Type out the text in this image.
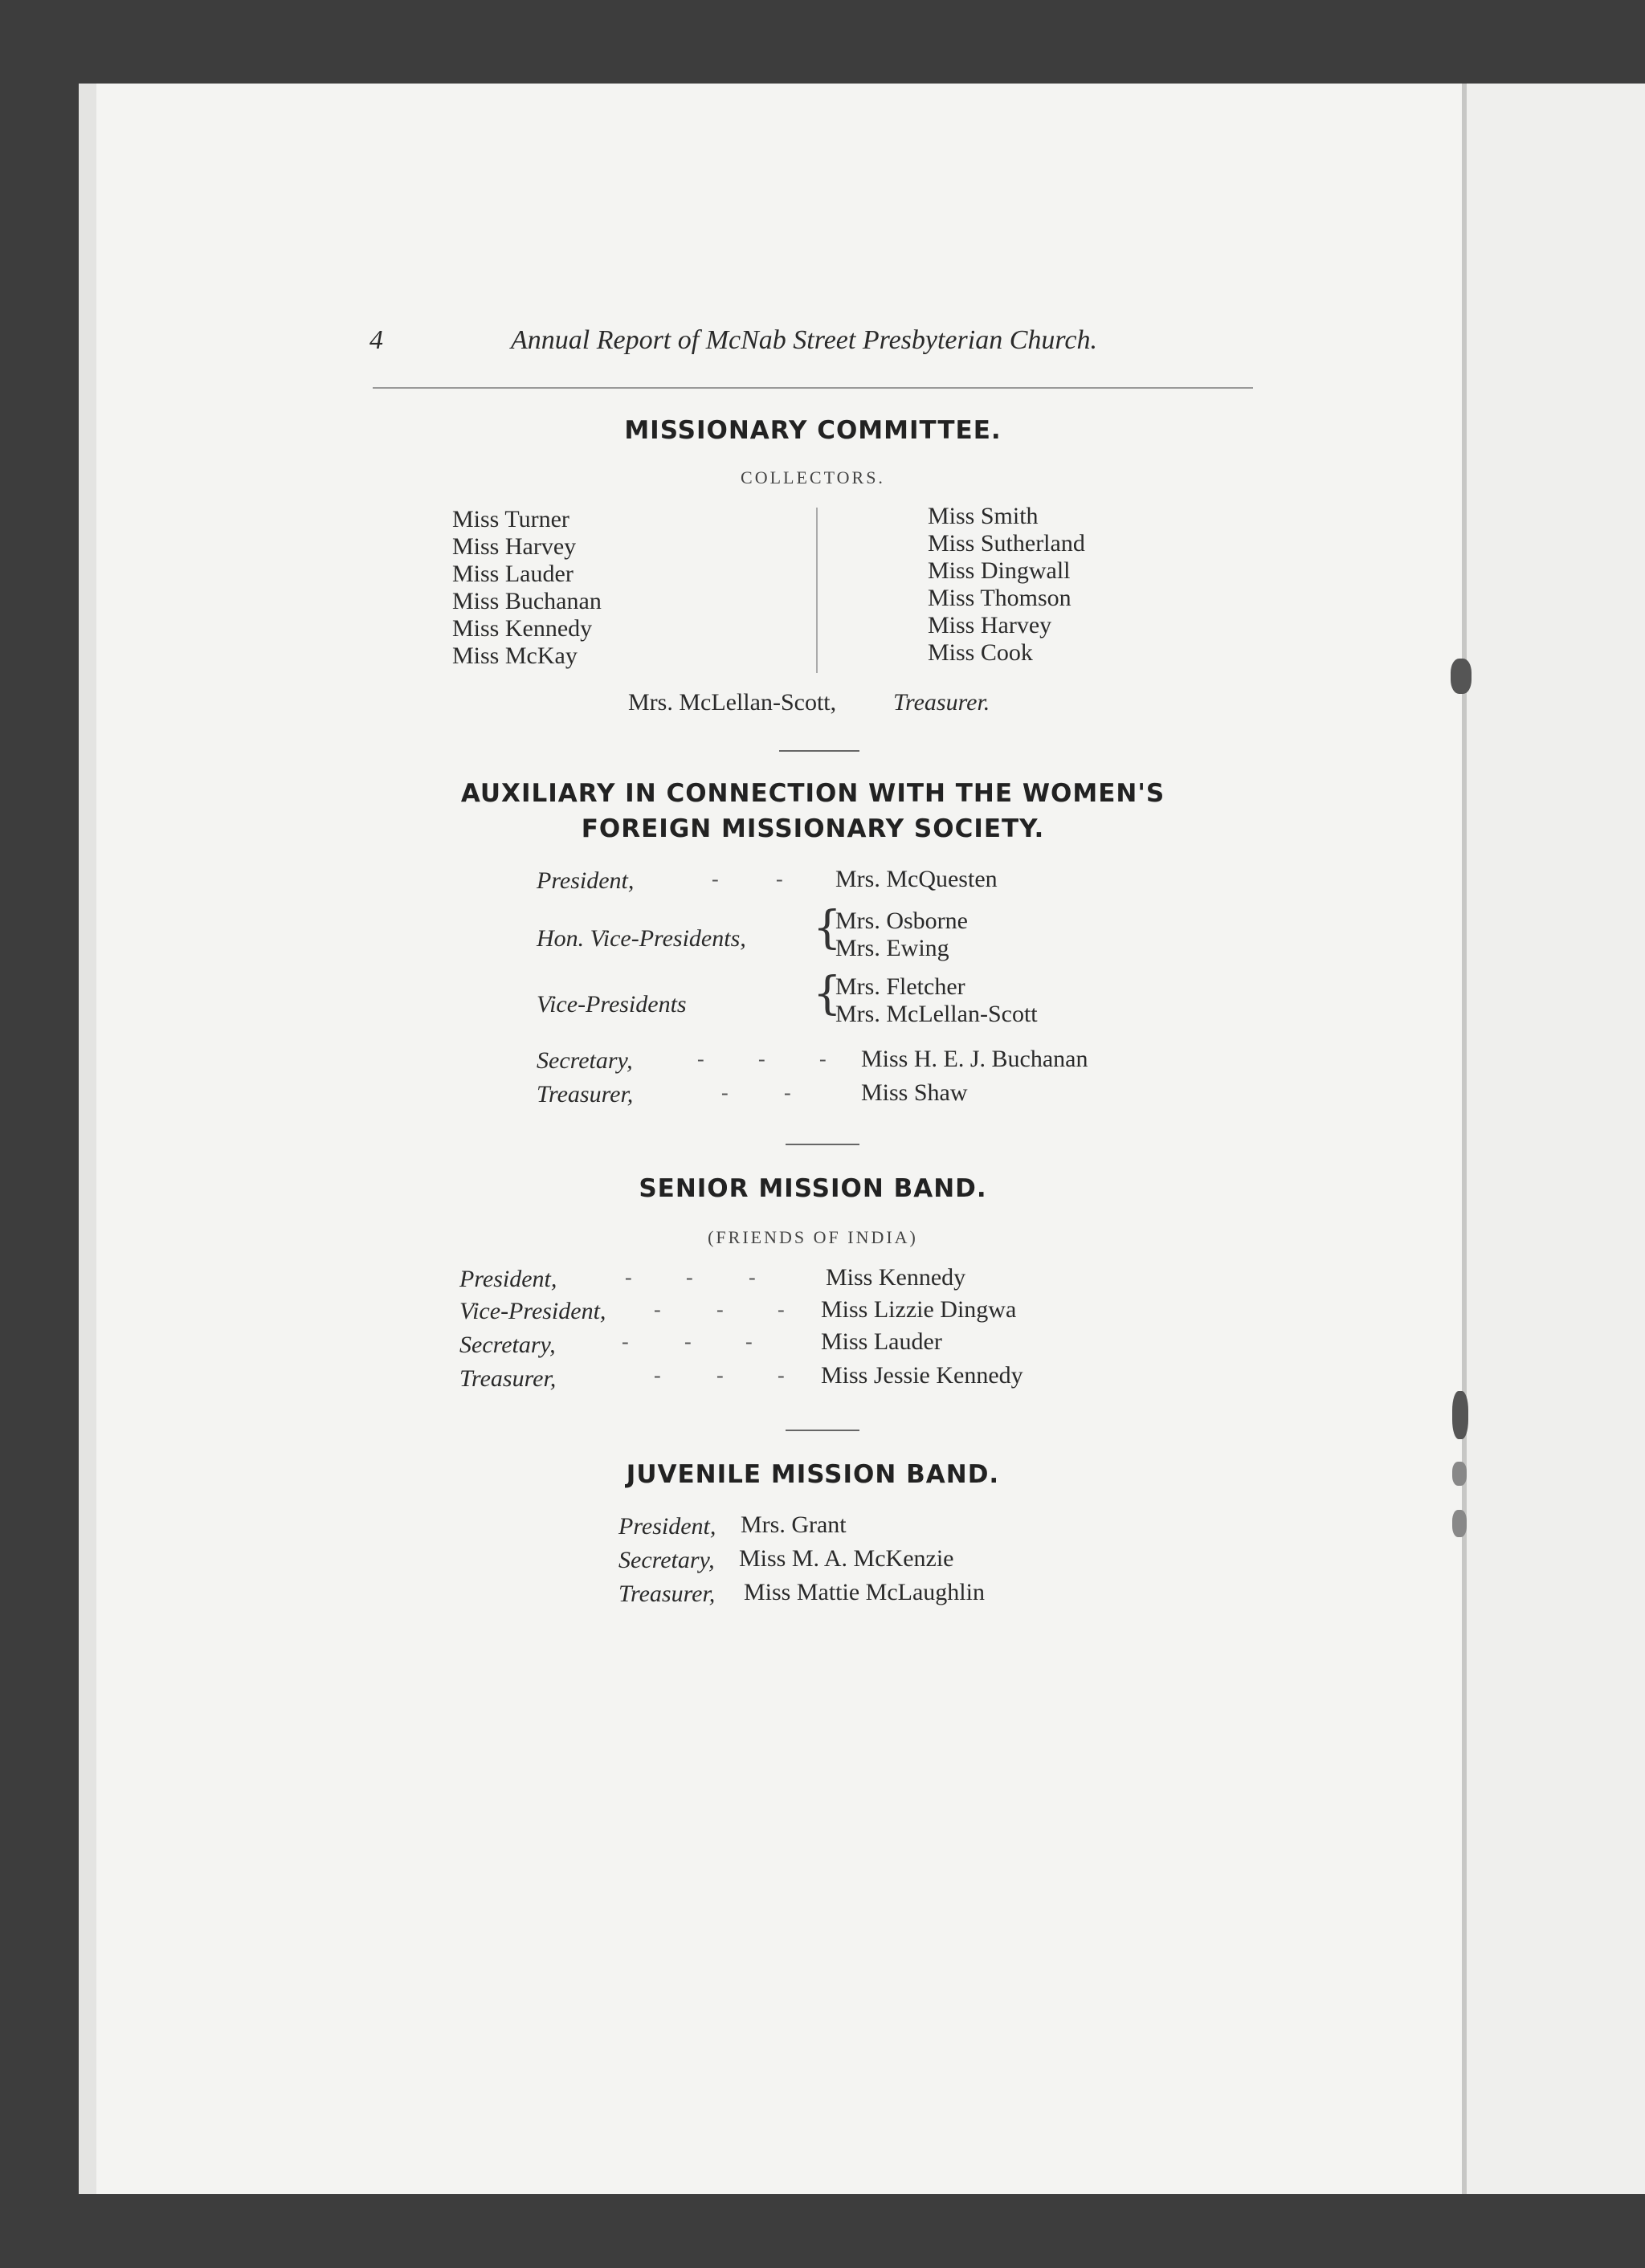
4	Annual Report of McNab Street Presbyterian Church.
MISSIONARY COMMITTEE.
COLLECTORS.
Miss Turner
Miss Harvey
Miss Lauder
Miss Buchanan
Miss Kennedy
Miss McKay
Miss Smith
Miss Sutherland
Miss Dingwall
Miss Thomson
Miss Harvey
Miss Cook
Mrs. McLellan-Scott, Treasurer.
AUXILIARY IN CONNECTION WITH THE WOMEN'S
FOREIGN MISSIONARY SOCIETY.
President,	-	- Mrs. McQuesten
Hon. Vice-Presidents, {
Mrs. Osborne
Mrs. Ewing
Vice-Presidents	{
Mrs. Fletcher
Mrs. McLellan-Scott
Secretary,	-	-	- Miss H. E. J. Buchanan
Treasurer,	-	-	Miss Shaw
SENIOR MISSION BAND.
(FRIENDS OF INDIA)
President,	-	-	-	Miss Kennedy
Vice-President, -	-	- Miss Lizzie Dingwa
Secretary,	-	-	-	Miss Lauder
Treasurer,	-	-	- Miss Jessie Kennedy
JUVENILE MISSION BAND.
President, Mrs. Grant
Secretary, Miss M. A. McKenzie
Treasurer, Miss Mattie McLaughlin
